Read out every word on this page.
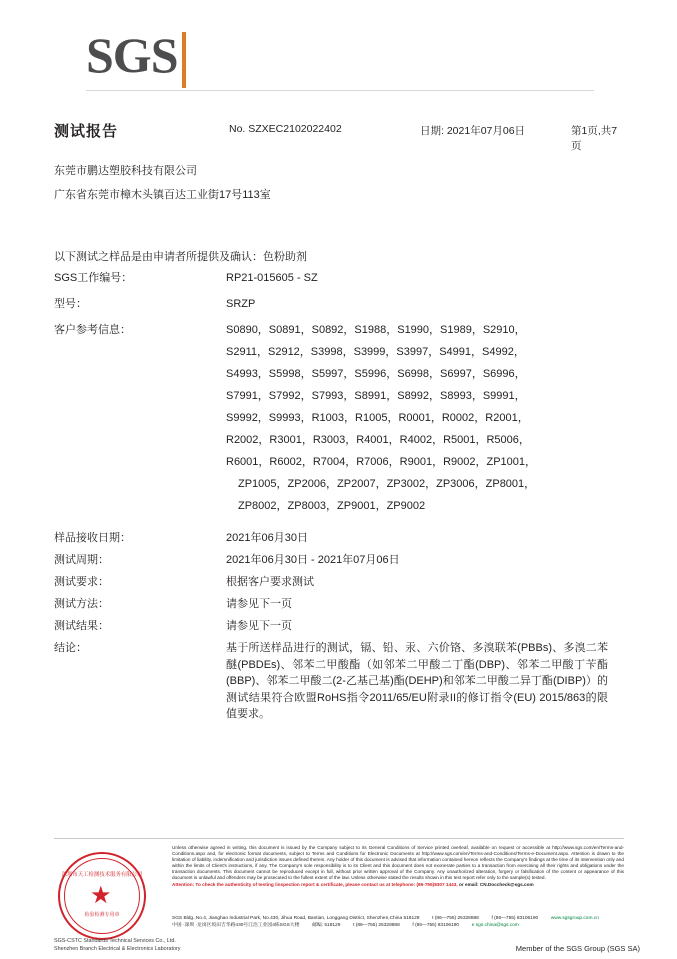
SGS
测试报告	No. SZXEC2102022402	日期: 2021年07月06日	第1页,共7页
东莞市鹏达塑胶科技有限公司
广东省东莞市樟木头镇百达工业街17号113室
以下测试之样品是由申请者所提供及确认：色粉助剂
SGS工作编号：	RP21-015605 - SZ
型号：	SRZP
客户参考信息：	S0890，S0891，S0892，S1988，S1990，S1989，S2910，
S2911，S2912，S3998，S3999，S3997，S4991，S4992，
S4993，S5998，S5997，S5996，S6998，S6997，S6996，
S7991，S7992，S7993，S8991，S8992，S8993，S9991，
S9992，S9993，R1003，R1005，R0001，R0002，R2001，
R2002，R3001，R3003，R4001，R4002，R5001，R5006，
R6001，R6002，R7004，R7006，R9001，R9002，ZP1001，
ZP1005，ZP2006，ZP2007，ZP3002，ZP3006，ZP8001，
ZP8002，ZP8003，ZP9001，ZP9002
样品接收日期：	2021年06月30日
测试周期：	2021年06月30日 - 2021年07月06日
测试要求：	根据客户要求测试
测试方法：	请参见下一页
测试结果：	请参见下一页
结论：	基于所送样品进行的测试，镉、铅、汞、六价铬、多溴联苯(PBBs)、多溴二苯醚(PBDEs)、邻苯二甲酸酯（如邻苯二甲酸二丁酯(DBP)、邻苯二甲酸丁苄酯(BBP)、邻苯二甲酸二(2-乙基己基)酯(DEHP)和邻苯二甲酸二异丁酯(DIBP)）的测试结果符合欧盟RoHS指令2011/65/EU附录II的修订指令(EU) 2015/863的限值要求。
深圳市天工检测技术服务有限公司
★
检验检测专用章
SGS-CSTC Standards Technical Services Co., Ltd.
Shenzhen Branch Electrical & Electronics Laboratory
Unless otherwise agreed in writing, this document is issued by the Company subject to its General Conditions of Service printed overleaf, available on request or accessible at http://www.sgs.com/en/Terms-and-Conditions.aspx and, for electronic format documents, subject to Terms and Conditions for Electronic Documents at http://www.sgs.com/en/Terms-and-Conditions/Terms-e-Document.aspx. Attention is drawn to the limitation of liability, indemnification and jurisdiction issues defined therein. Any holder of this document is advised that information contained hereon reflects the Company's findings at the time of its intervention only and within the limits of Client's instructions, if any. The Company's sole responsibility is to its Client and this document does not exonerate parties to a transaction from exercising all their rights and obligations under the transaction documents. This document cannot be reproduced except in full, without prior written approval of the Company. Any unauthorized alteration, forgery or falsification of the content or appearance of this document is unlawful and offenders may be prosecuted to the fullest extent of the law. Unless otherwise stated the results shown in this test report refer only to the sample(s) tested.
Attention: To check the authenticity of testing /inspection report & certificate, please contact us at telephone: (86-755)8307 1443, or email: CN.Doccheck@sgs.com
SGS Bldg.,No.4, Jianghao Industrial Park, No.430, Jihua Road, Bantian, Longgang District, Shenzhen,China 518129	t (86—755) 25328888	f (86—755) 83106190	www.sgsgroup.com.cn
中国 ·深圳 ·龙岗区坂田吉华路430号江浩工业园4栋SGS大楼	邮编: 518129	t (86—755) 25328888	f (86—755) 83106190	e sgs.china@sgs.com
Member of the SGS Group (SGS SA)
